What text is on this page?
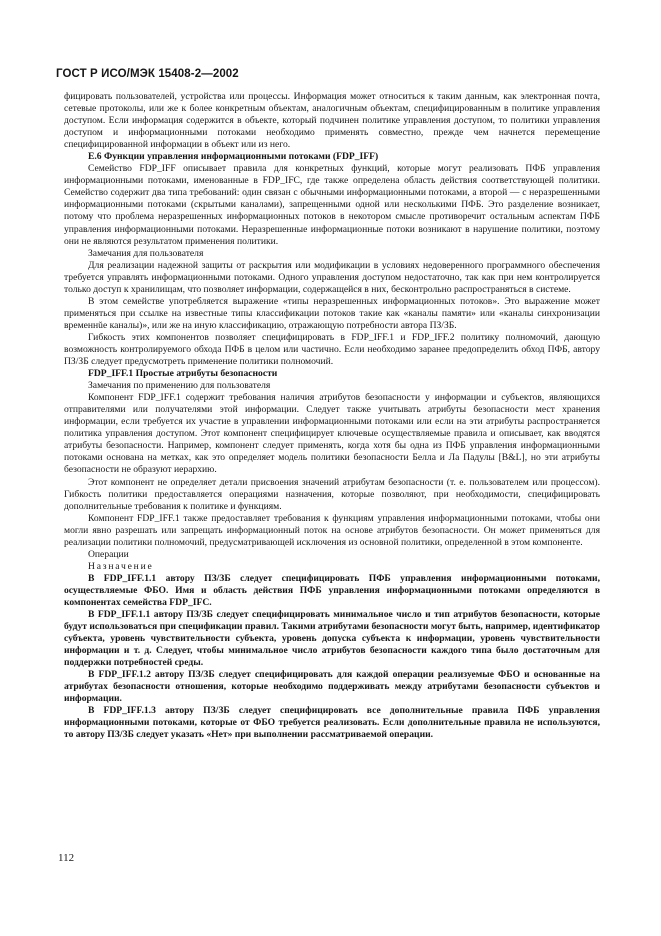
ГОСТ Р ИСО/МЭК 15408-2—2002

фицировать пользователей, устройства или процессы. Информация может относиться к таким данным, как электронная почта, сетевые протоколы, или же к более конкретным объектам, аналогичным объектам, специфицированным в политике управления доступом. Если информация содержится в объекте, который подчинен политике управления доступом, то политики управления доступом и информационными потоками необходимо применять совместно, прежде чем начнется перемещение специфицированной информации в объект или из него.

Е.6 Функции управления информационными потоками (FDP_IFF)

Семейство FDP_IFF описывает правила для конкретных функций, которые могут реализовать ПФБ управления информационными потоками, именованные в FDP_IFC, где также определена область действия соответствующей политики. Семейство содержит два типа требований: один связан с обычными информационными потоками, а второй — с неразрешенными информационными потоками (скрытыми каналами), запрещенными одной или несколькими ПФБ. Это разделение возникает, потому что проблема неразрешенных информационных потоков в некотором смысле противоречит остальным аспектам ПФБ управления информационными потоками. Неразрешенные информационные потоки возникают в нарушение политики, поэтому они не являются результатом применения политики.

Замечания для пользователя

Для реализации надежной защиты от раскрытия или модификации в условиях недоверенного программного обеспечения требуется управлять информационными потоками. Одного управления доступом недостаточно, так как при нем контролируется только доступ к хранилищам, что позволяет информации, содержащейся в них, бесконтрольно распространяться в системе.

В этом семействе употребляется выражение «типы неразрешенных информационных потоков». Это выражение может применяться при ссылке на известные типы классификации потоков такие как «каналы памяти» или «каналы синхронизации временнŭе каналы)», или же на иную классификацию, отражающую потребности автора ПЗ/ЗБ.

Гибкость этих компонентов позволяет специфицировать в FDP_IFF.1 и FDP_IFF.2 политику полномочий, дающую возможность контролируемого обхода ПФБ в целом или частично. Если необходимо заранее предопределить обход ПФБ, автору ПЗ/ЗБ следует предусмотреть применение политики полномочий.

FDP_IFF.1 Простые атрибуты безопасности

Замечания по применению для пользователя

Компонент FDP_IFF.1 содержит требования наличия атрибутов безопасности у информации и субъектов, являющихся отправителями или получателями этой информации. Следует также учитывать атрибуты безопасности мест хранения информации, если требуется их участие в управлении информационными потоками или если на эти атрибуты распространяется политика управления доступом. Этот компонент специфицирует ключевые осуществляемые правила и описывает, как вводятся атрибуты безопасности. Например, компонент следует применять, когда хотя бы одна из ПФБ управления информационными потоками основана на метках, как это определяет модель политики безопасности Белла и Ла Падулы [B&L], но эти атрибуты безопасности не образуют иерархию.

Этот компонент не определяет детали присвоения значений атрибутам безопасности (т. е. пользователем или процессом). Гибкость политики предоставляется операциями назначения, которые позволяют, при необходимости, специфицировать дополнительные требования к политике и функциям.

Компонент FDP_IFF.1 также предоставляет требования к функциям управления информационными потоками, чтобы они могли явно разрешать или запрещать информационный поток на основе атрибутов безопасности. Он может применяться для реализации политики полномочий, предусматривающей исключения из основной политики, определенной в этом компоненте.

Операции

Назначение

В FDP_IFF.1.1 автору ПЗ/ЗБ следует специфицировать ПФБ управления информационными потоками, осуществляемые ФБО. Имя и область действия ПФБ управления информационными потоками определяются в компонентах семейства FDP_IFC.

В FDP_IFF.1.1 автору ПЗ/ЗБ следует специфицировать минимальное число и тип атрибутов безопасности, которые будут использоваться при спецификации правил. Такими атрибутами безопасности могут быть, например, идентификатор субъекта, уровень чувствительности субъекта, уровень допуска субъекта к информации, уровень чувствительности информации и т. д. Следует, чтобы минимальное число атрибутов безопасности каждого типа было достаточным для поддержки потребностей среды.

В FDP_IFF.1.2 автору ПЗ/ЗБ следует специфицировать для каждой операции реализуемые ФБО и основанные на атрибутах безопасности отношения, которые необходимо поддерживать между атрибутами безопасности субъектов и информации.

В FDP_IFF.1.3 автору ПЗ/ЗБ следует специфицировать все дополнительные правила ПФБ управления информационными потоками, которые от ФБО требуется реализовать. Если дополнительные правила не используются, то автору ПЗ/ЗБ следует указать «Нет» при выполнении рассматриваемой операции.

112
